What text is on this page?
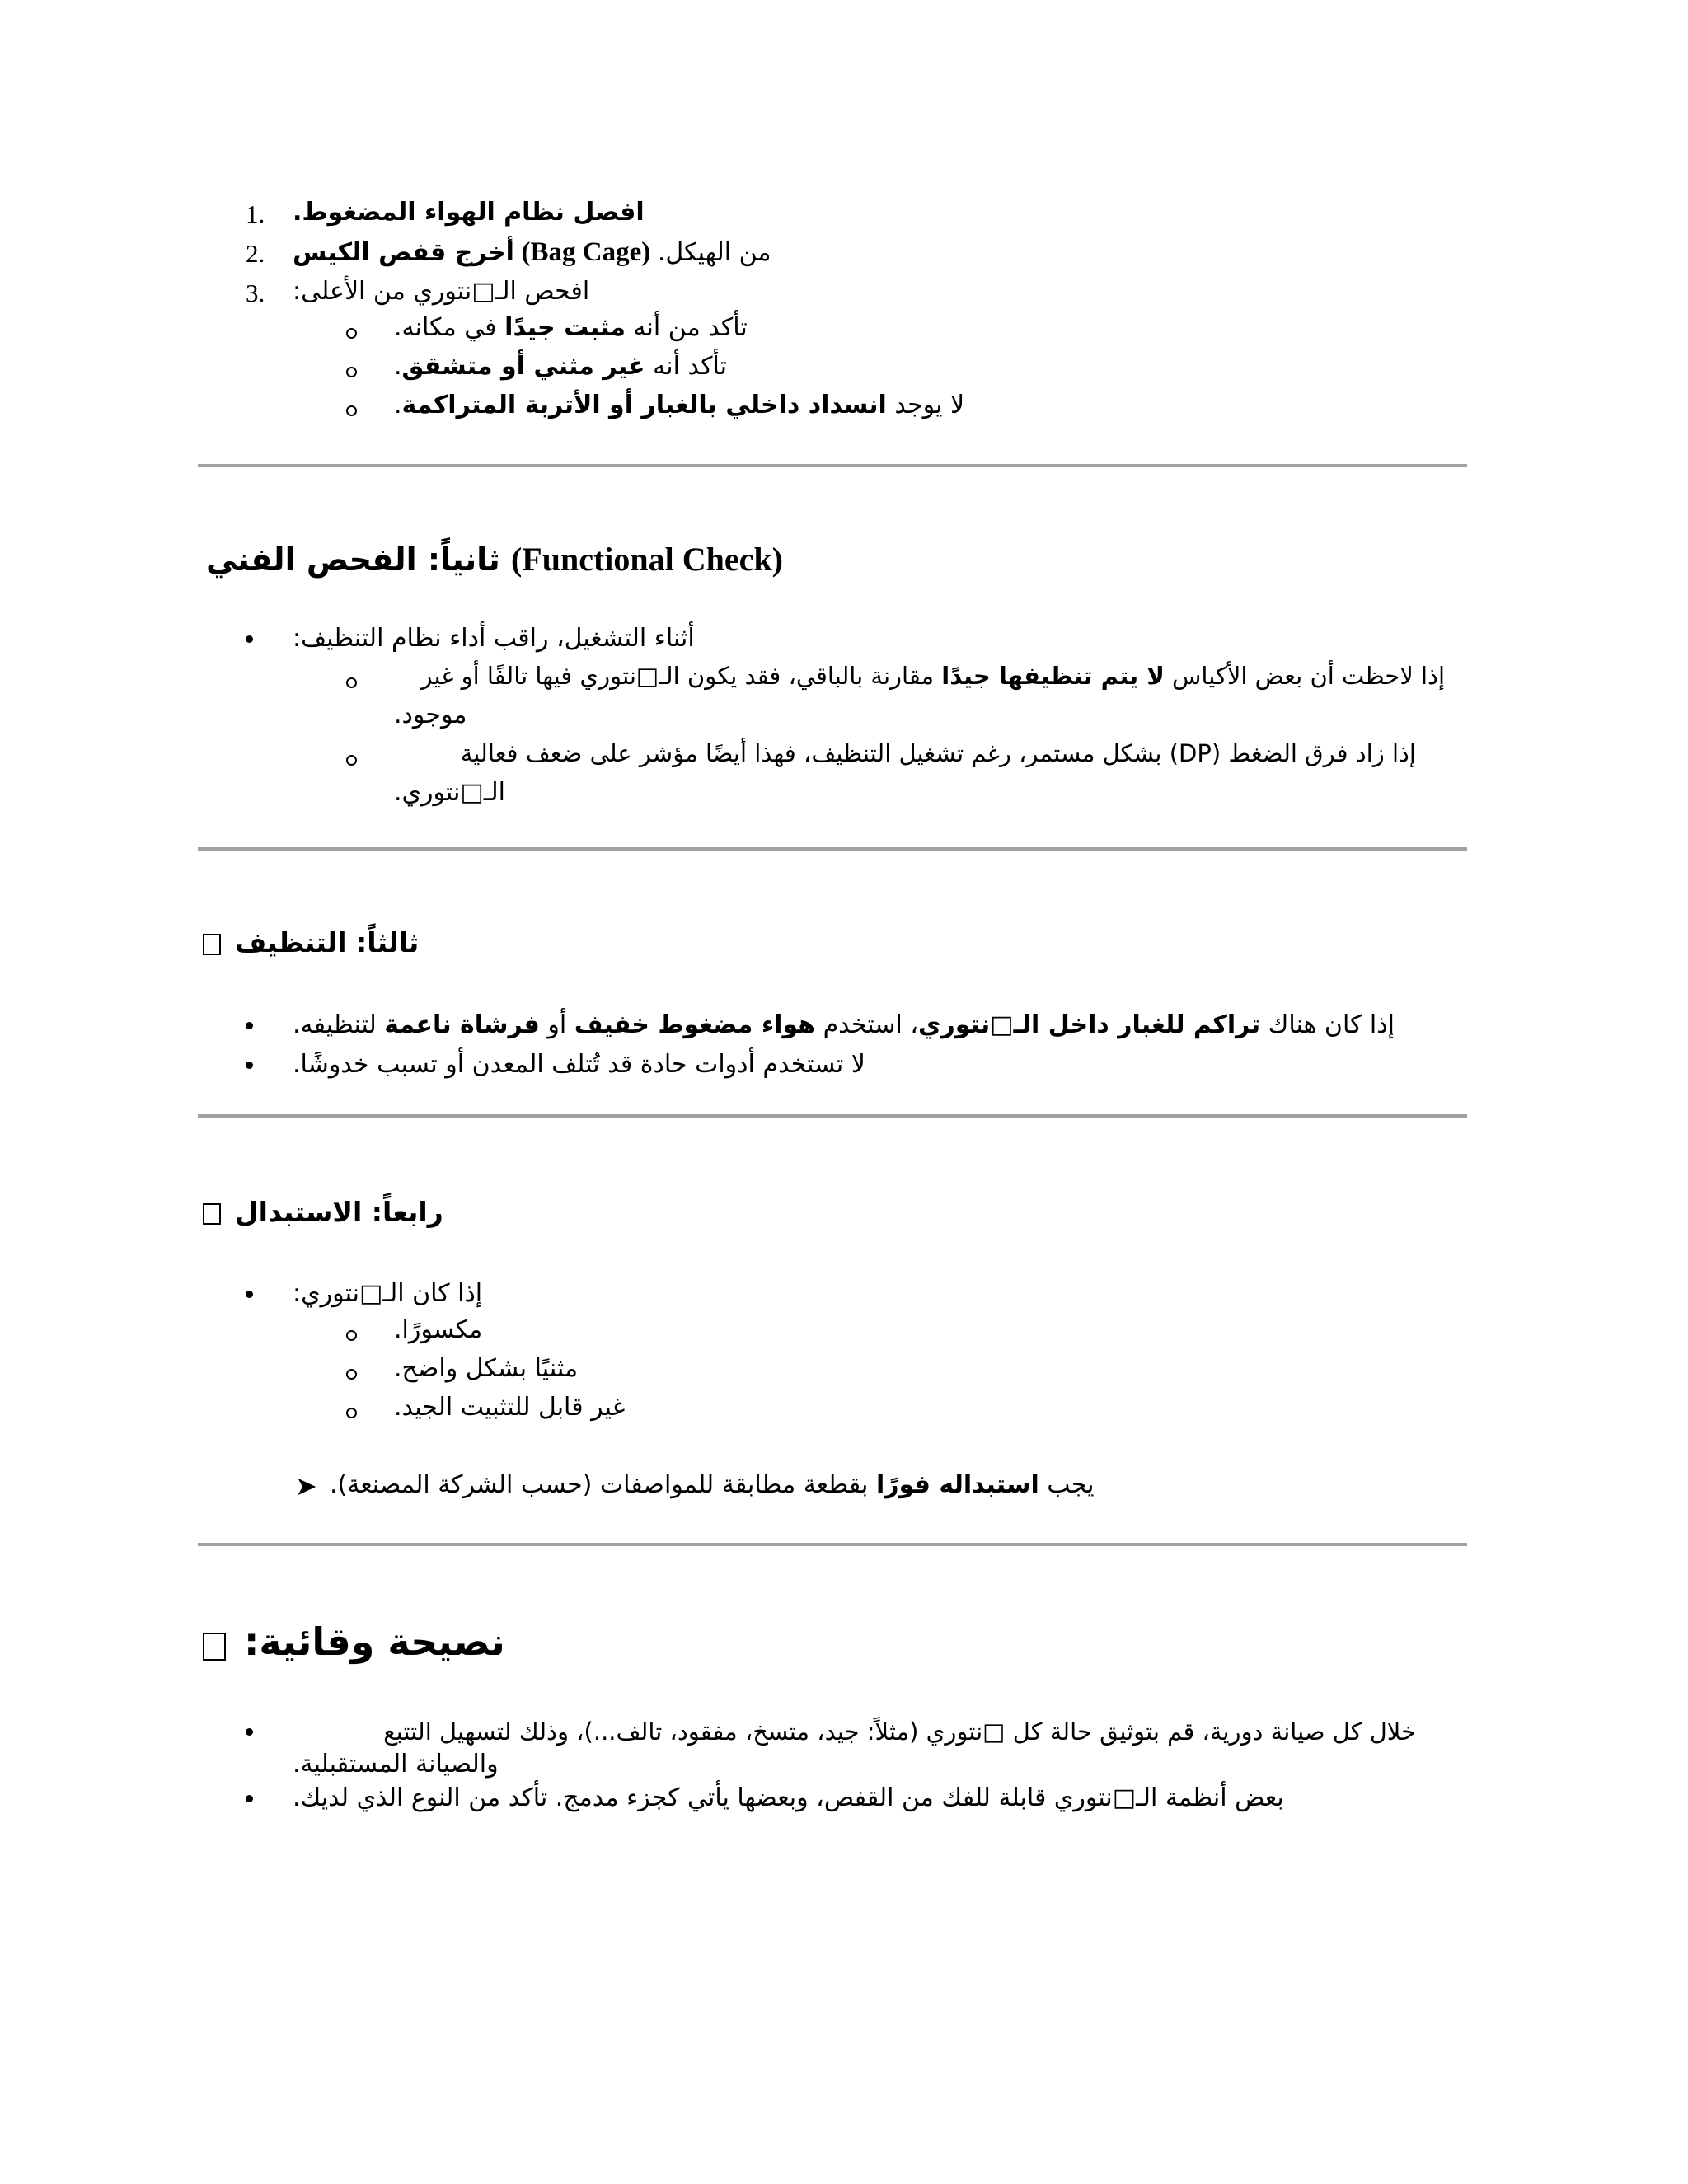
1. افصل نظام الهواء المضغوط.
2. أخرج قفص الكيس (Bag Cage) من الهيكل.
3. افحص الـ□نتوري من الأعلى:
تأكد من أنه مثبت جيدًا في مكانه.
تأكد أنه غير مثني أو متشقق.
لا يوجد انسداد داخلي بالغبار أو الأتربة المتراكمة.
ثانياً: الفحص الفني (Functional Check)
أثناء التشغيل، راقب أداء نظام التنظيف:
إذا لاحظت أن بعض الأكياس لا يتم تنظيفها جيدًا مقارنة بالباقي، فقد يكون الـ□نتوري فيها تالفًا أو غير
موجود.
إذا زاد فرق الضغط (DP) بشكل مستمر، رغم تشغيل التنظيف، فهذا أيضًا مؤشر على ضعف فعالية
الـ□نتوري.
ثالثاً: التنظيف
إذا كان هناك تراكم للغبار داخل الـ□نتوري، استخدم هواء مضغوط خفيف أو فرشاة ناعمة لتنظيفه.
لا تستخدم أدوات حادة قد تُتلف المعدن أو تسبب خدوشًا.
رابعاً: الاستبدال
إذا كان الـ□نتوري:
مكسورًا.
مثنيًا بشكل واضح.
غير قابل للتثبيت الجيد.
➤	يجب استبداله فورًا بقطعة مطابقة للمواصفات (حسب الشركة المصنعة).
نصيحة وقائية:
خلال كل صيانة دورية، قم بتوثيق حالة كل □نتوري (مثلاً: جيد، متسخ، مفقود، تالف...)، وذلك لتسهيل التتبع
والصيانة المستقبلية.
بعض أنظمة الـ□نتوري قابلة للفك من القفص، وبعضها يأتي كجزء مدمج. تأكد من النوع الذي لديك.
